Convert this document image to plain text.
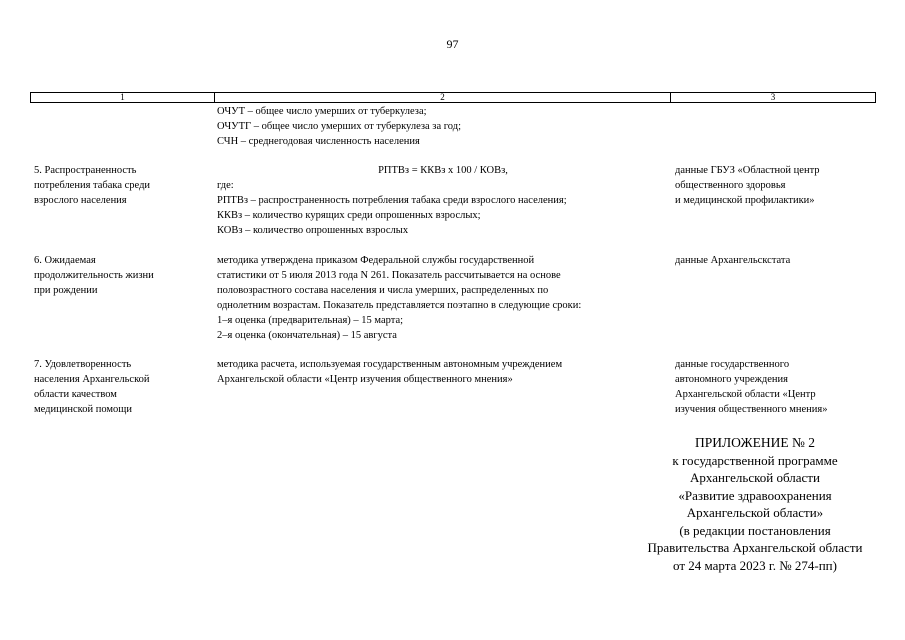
97
1	2	3
ОЧУТ – общее число умерших от туберкулеза;
ОЧУТГ – общее число умерших от туберкулеза за год;
СЧН – среднегодовая численность населения
5. Распространенность
потребления табака среди
взрослого населения
РПТВз = ККВз х 100 / КОВз,
где:
РПТВз – распространенность потребления табака среди взрослого населения;
ККВз – количество курящих среди опрошенных взрослых;
КОВз – количество опрошенных взрослых
данные ГБУЗ «Областной центр
общественного здоровья
и медицинской профилактики»
6. Ожидаемая
продолжительность жизни
при рождении
методика утверждена приказом Федеральной службы государственной
статистики от 5 июля 2013 года N 261. Показатель рассчитывается на основе
половозрастного состава населения и числа умерших, распределенных по
однолетним возрастам. Показатель представляется поэтапно в следующие сроки:
1–я оценка (предварительная) – 15 марта;
2–я оценка (окончательная) – 15 августа
данные Архангельскстата
7. Удовлетворенность
населения Архангельской
области качеством
медицинской помощи
методика расчета, используемая государственным автономным учреждением
Архангельской области «Центр изучения общественного мнения»
данные государственного
автономного учреждения
Архангельской области «Центр
изучения общественного мнения»
ПРИЛОЖЕНИЕ № 2
к государственной программе
Архангельской области
«Развитие здравоохранения
Архангельской области»
(в редакции постановления
Правительства Архангельской области
от 24 марта 2023 г. № 274-пп)
